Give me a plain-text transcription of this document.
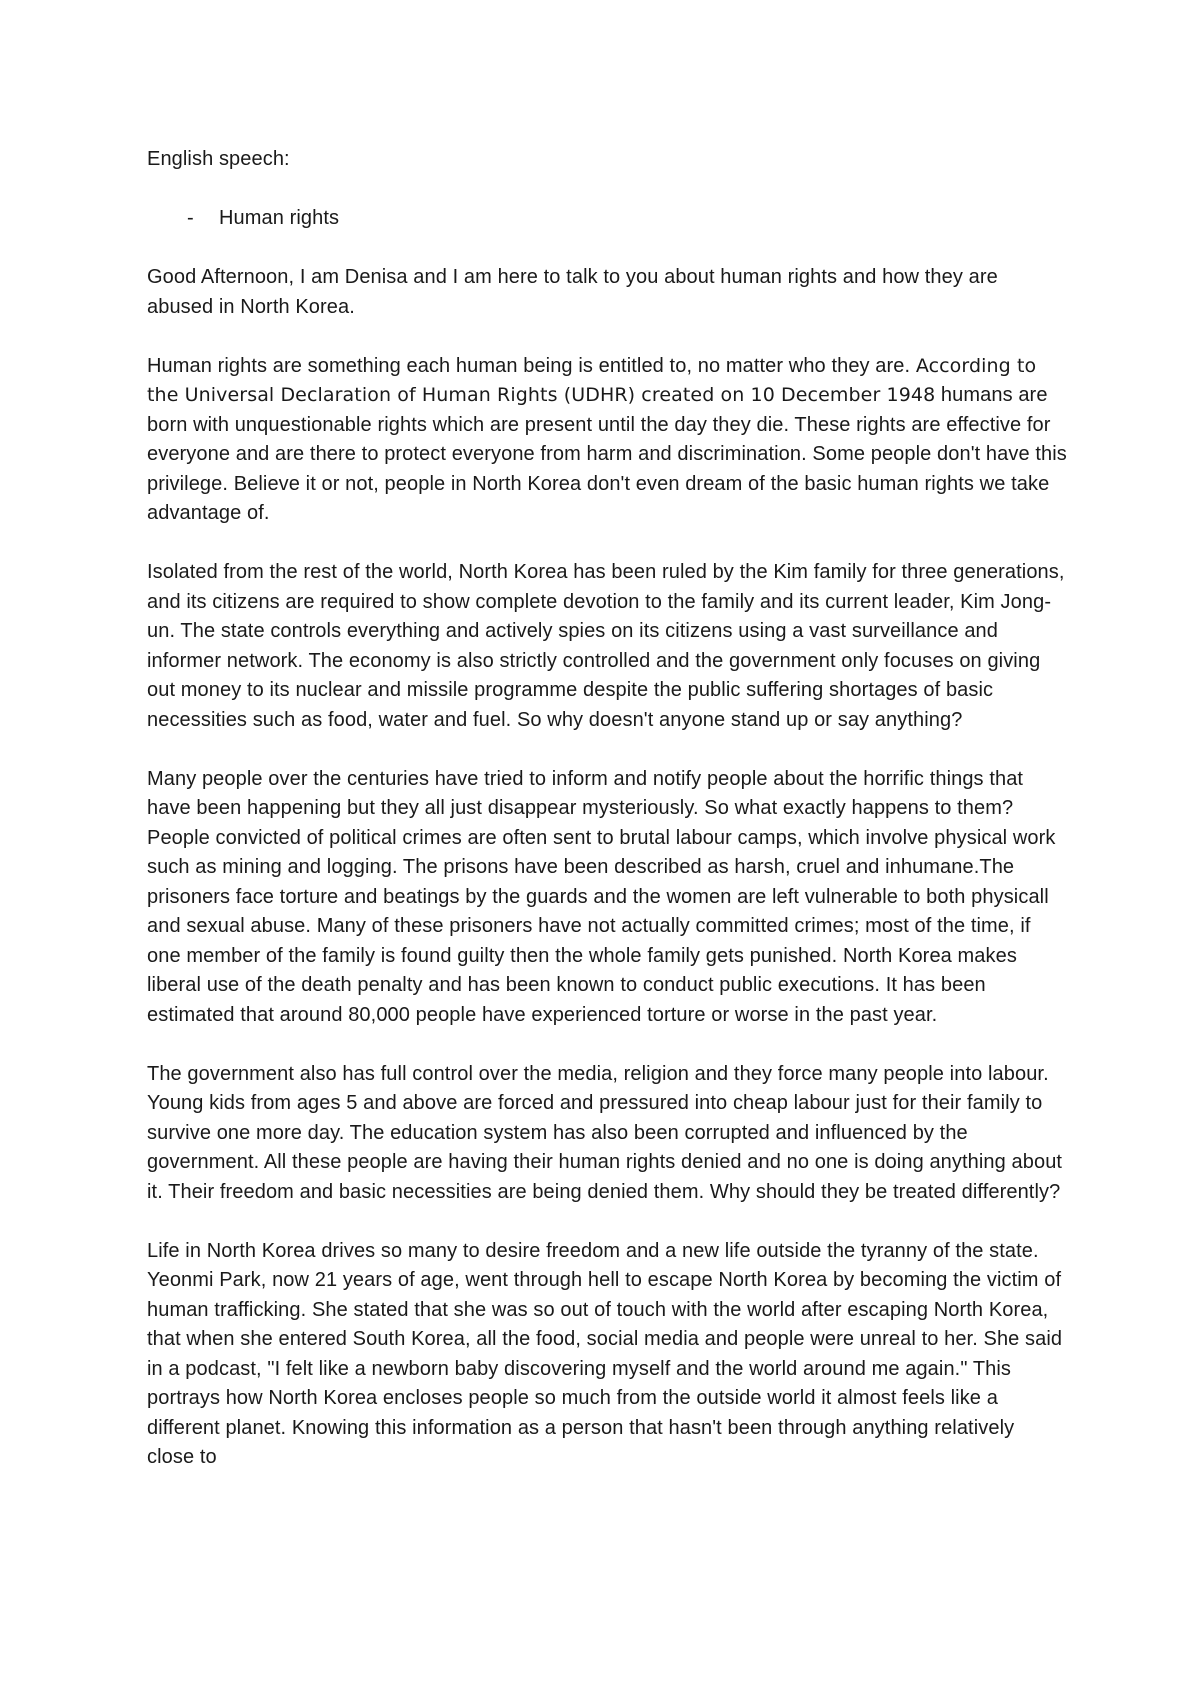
English speech:

- Human rights

Good Afternoon, I am Denisa and I am here to talk to you about human rights and how they are abused in North Korea.

Human rights are something each human being is entitled to, no matter who they are. According to the Universal Declaration of Human Rights (UDHR) created on 10 December 1948 humans are born with unquestionable rights which are present until the day they die. These rights are effective for everyone and are there to protect everyone from harm and discrimination. Some people don't have this privilege. Believe it or not, people in North Korea don't even dream of the basic human rights we take advantage of.

Isolated from the rest of the world, North Korea has been ruled by the Kim family for three generations, and its citizens are required to show complete devotion to the family and its current leader, Kim Jong-un. The state controls everything and actively spies on its citizens using a vast surveillance and informer network. The economy is also strictly controlled and the government only focuses on giving out money to its nuclear and missile programme despite the public suffering shortages of basic necessities such as food, water and fuel. So why doesn't anyone stand up or say anything?

Many people over the centuries have tried to inform and notify people about the horrific things that have been happening but they all just disappear mysteriously. So what exactly happens to them? People convicted of political crimes are often sent to brutal labour camps, which involve physical work such as mining and logging. The prisons have been described as harsh, cruel and inhumane.The prisoners face torture and beatings by the guards and the women are left vulnerable to both physicall and sexual abuse. Many of these prisoners have not actually committed crimes; most of the time, if one member of the family is found guilty then the whole family gets punished. North Korea makes liberal use of the death penalty and has been known to conduct public executions. It has been estimated that around 80,000 people have experienced torture or worse in the past year.

The government also has full control over the media, religion and they force many people into labour. Young kids from ages 5 and above are forced and pressured into cheap labour just for their family to survive one more day. The education system has also been corrupted and influenced by the government. All these people are having their human rights denied and no one is doing anything about it. Their freedom and basic necessities are being denied them. Why should they be treated differently?

Life in North Korea drives so many to desire freedom and a new life outside the tyranny of the state. Yeonmi Park, now 21 years of age, went through hell to escape North Korea by becoming the victim of human trafficking. She stated that she was so out of touch with the world after escaping North Korea, that when she entered South Korea, all the food, social media and people were unreal to her. She said in a podcast, "I felt like a newborn baby discovering myself and the world around me again." This portrays how North Korea encloses people so much from the outside world it almost feels like a different planet. Knowing this information as a person that hasn't been through anything relatively close to
